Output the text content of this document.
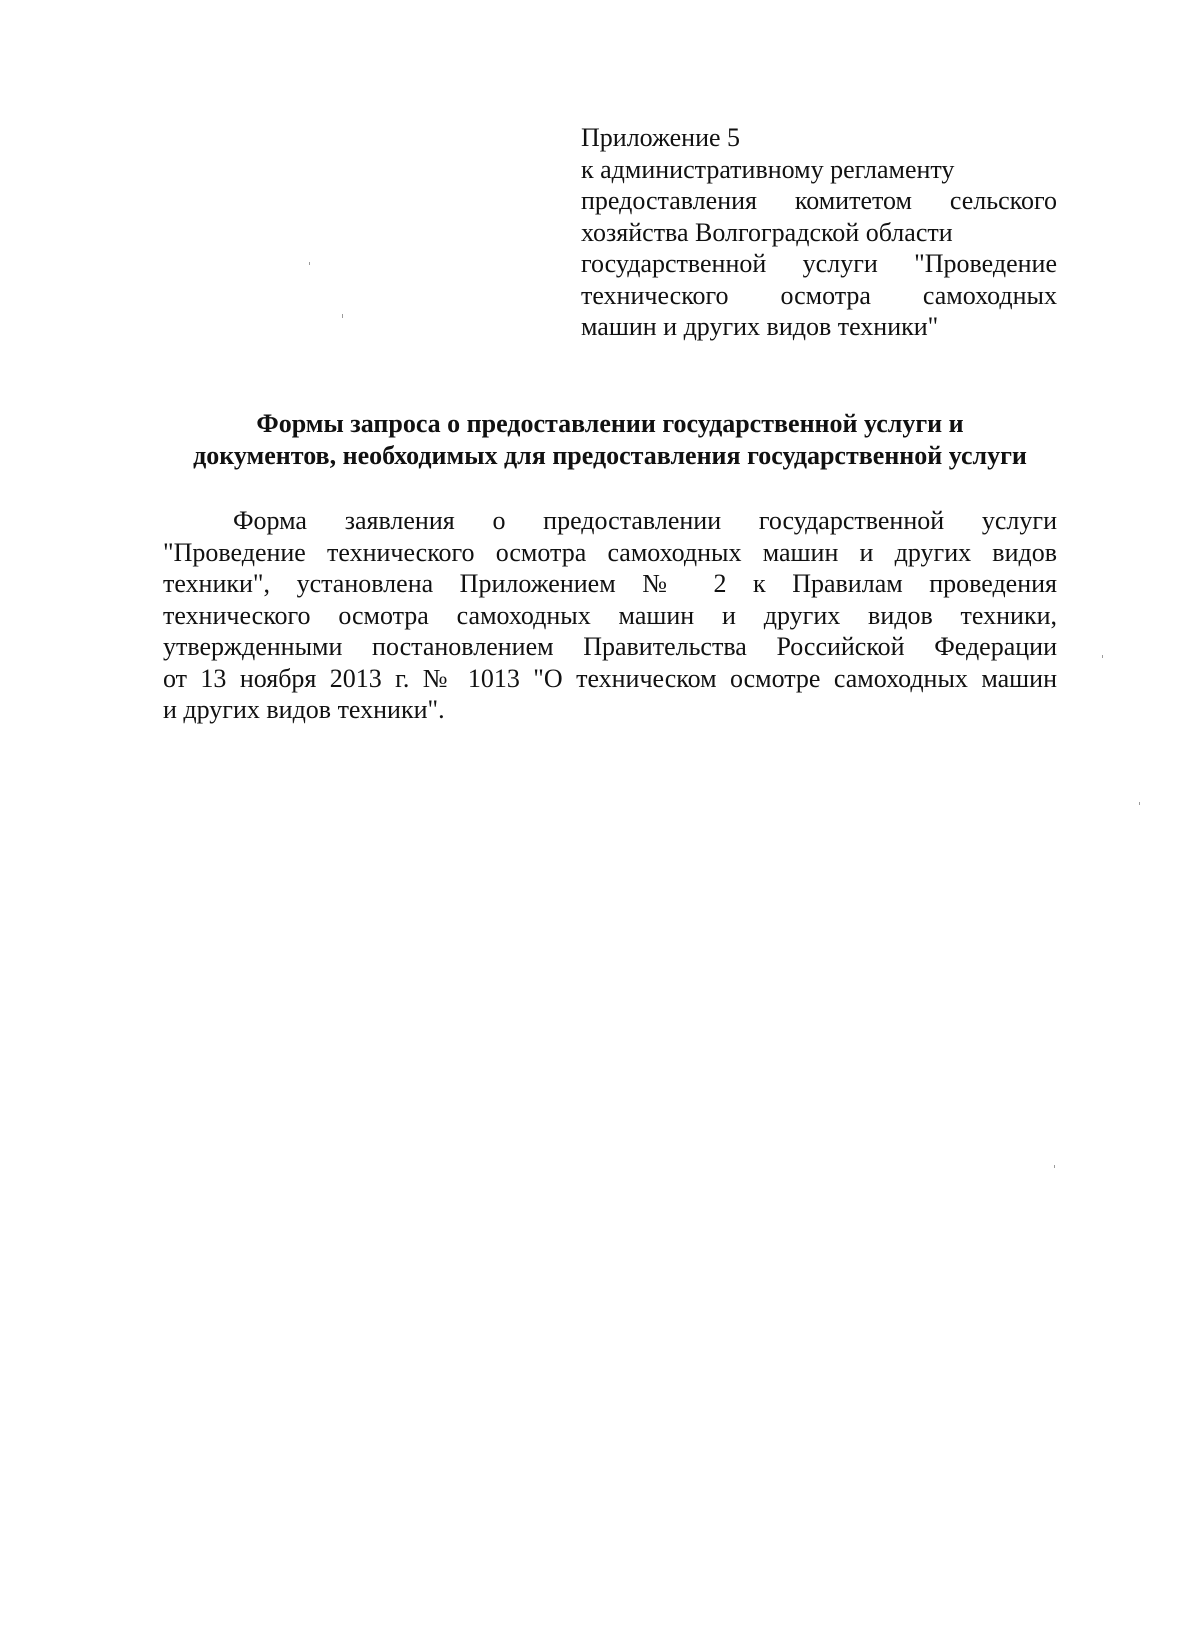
Приложение 5
к административному регламенту
предоставления комитетом сельского
хозяйства Волгоградской области
государственной услуги "Проведение
технического осмотра самоходных
машин и других видов техники"
Формы запроса о предоставлении государственной услуги и
документов, необходимых для предоставления государственной услуги
Форма заявления о предоставлении государственной услуги
"Проведение технического осмотра самоходных машин и других видов
техники", установлена Приложением № 2 к Правилам проведения
технического осмотра самоходных машин и других видов техники,
утвержденными постановлением Правительства Российской Федерации
от 13 ноября 2013 г. № 1013 "О техническом осмотре самоходных машин
и других видов техники".
